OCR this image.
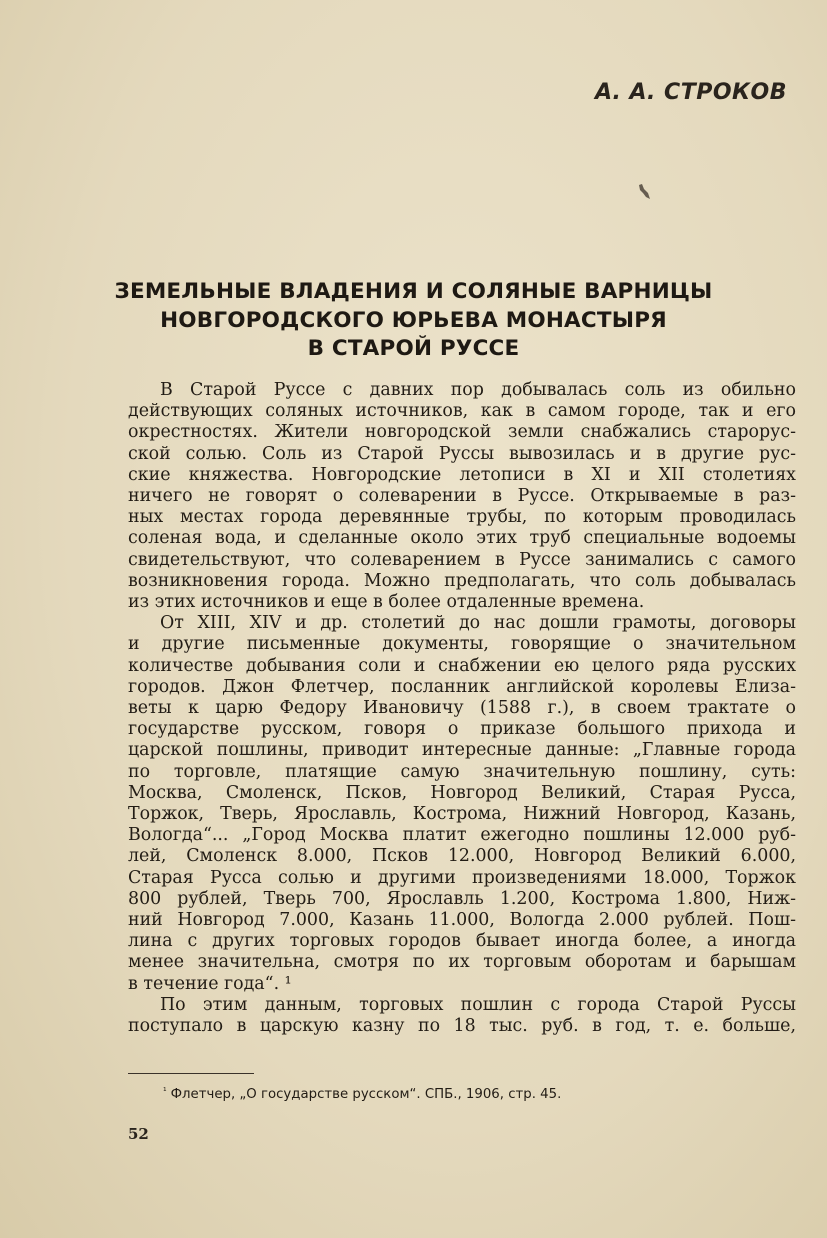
А. А. СТРОКОВ
ЗЕМЕЛЬНЫЕ ВЛАДЕНИЯ И СОЛЯНЫЕ ВАРНИЦЫ
НОВГОРОДСКОГО ЮРЬЕВА МОНАСТЫРЯ
В СТАРОЙ РУССЕ
В Старой Руссе с давних пор добывалась соль из обильно
действующих соляных источников, как в самом городе, так и его
окрестностях. Жители новгородской земли снабжались старорус-
ской солью. Соль из Старой Руссы вывозилась и в другие рус-
ские княжества. Новгородские летописи в XI и XII столетиях
ничего не говорят о солеварении в Руссе. Открываемые в раз-
ных местах города деревянные трубы, по которым проводилась
соленая вода, и сделанные около этих труб специальные водоемы
свидетельствуют, что солеварением в Руссе занимались с самого
возникновения города. Можно предполагать, что соль добывалась
из этих источников и еще в более отдаленные времена.
От XIII, XIV и др. столетий до нас дошли грамоты, договоры
и другие письменные документы, говорящие о значительном
количестве добывания соли и снабжении ею целого ряда русских
городов. Джон Флетчер, посланник английской королевы Елиза-
веты к царю Федору Ивановичу (1588 г.), в своем трактате о
государстве русском, говоря о приказе большого прихода и
царской пошлины, приводит интересные данные: „Главные города
по торговле, платящие самую значительную пошлину, суть:
Москва, Смоленск, Псков, Новгород Великий, Старая Русса,
Торжок, Тверь, Ярославль, Кострома, Нижний Новгород, Казань,
Вологда“... „Город Москва платит ежегодно пошлины 12.000 руб-
лей, Смоленск 8.000, Псков 12.000, Новгород Великий 6.000,
Старая Русса солью и другими произведениями 18.000, Торжок
800 рублей, Тверь 700, Ярославль 1.200, Кострома 1.800, Ниж-
ний Новгород 7.000, Казань 11.000, Вологда 2.000 рублей. Пош-
лина с других торговых городов бывает иногда более, а иногда
менее значительна, смотря по их торговым оборотам и барышам
в течение года“. ¹
По этим данным, торговых пошлин с города Старой Руссы
поступало в царскую казну по 18 тыс. руб. в год, т. е. больше,
$^{^1}$ Флетчер, „О государстве русском“. СПБ., 1906, стр. 45.
52
